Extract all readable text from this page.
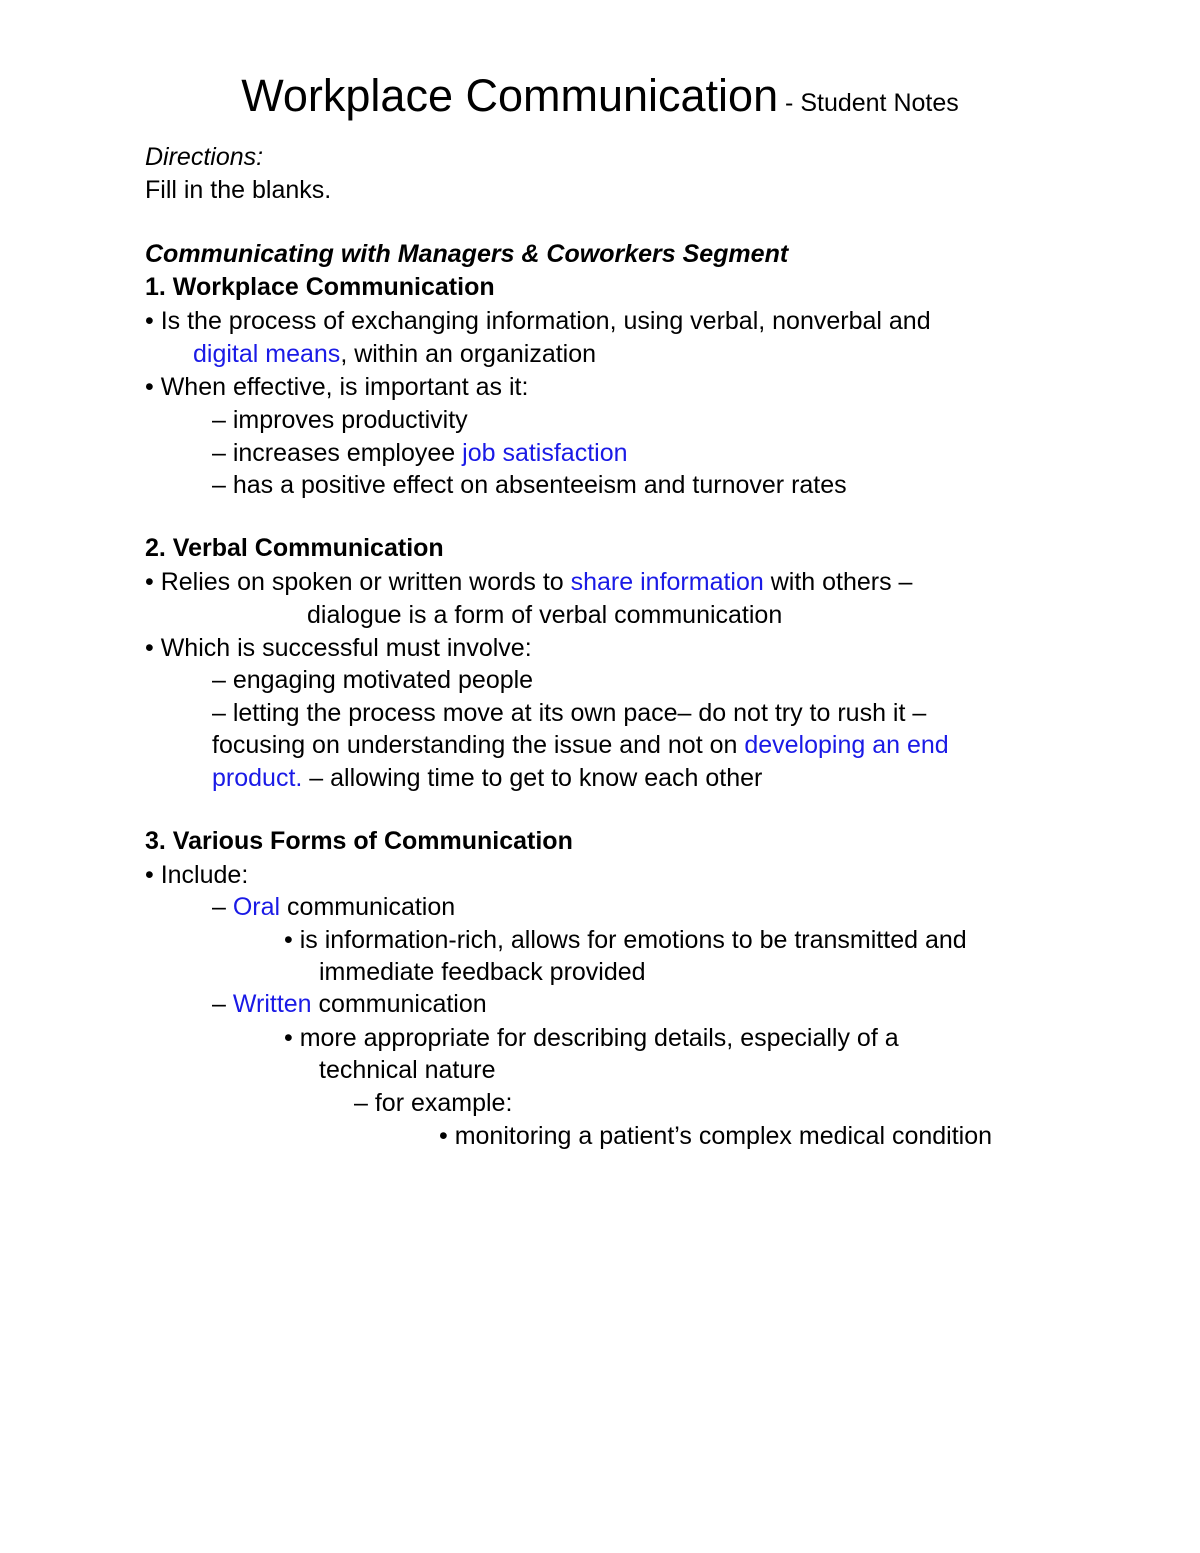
Workplace Communication - Student Notes
Directions:
Fill in the blanks.
Communicating with Managers & Coworkers Segment
1. Workplace Communication
• Is the process of exchanging information, using verbal, nonverbal and
digital means, within an organization
• When effective, is important as it:
– improves productivity
– increases employee job satisfaction
– has a positive effect on absenteeism and turnover rates
2. Verbal Communication
• Relies on spoken or written words to share information with others –
dialogue is a form of verbal communication
• Which is successful must involve:
– engaging motivated people
– letting the process move at its own pace– do not try to rush it –
focusing on understanding the issue and not on developing an end
product. – allowing time to get to know each other
3. Various Forms of Communication
• Include:
– Oral communication
• is information-rich, allows for emotions to be transmitted and
immediate feedback provided
– Written communication
• more appropriate for describing details, especially of a
technical nature
– for example:
• monitoring a patient’s complex medical condition
